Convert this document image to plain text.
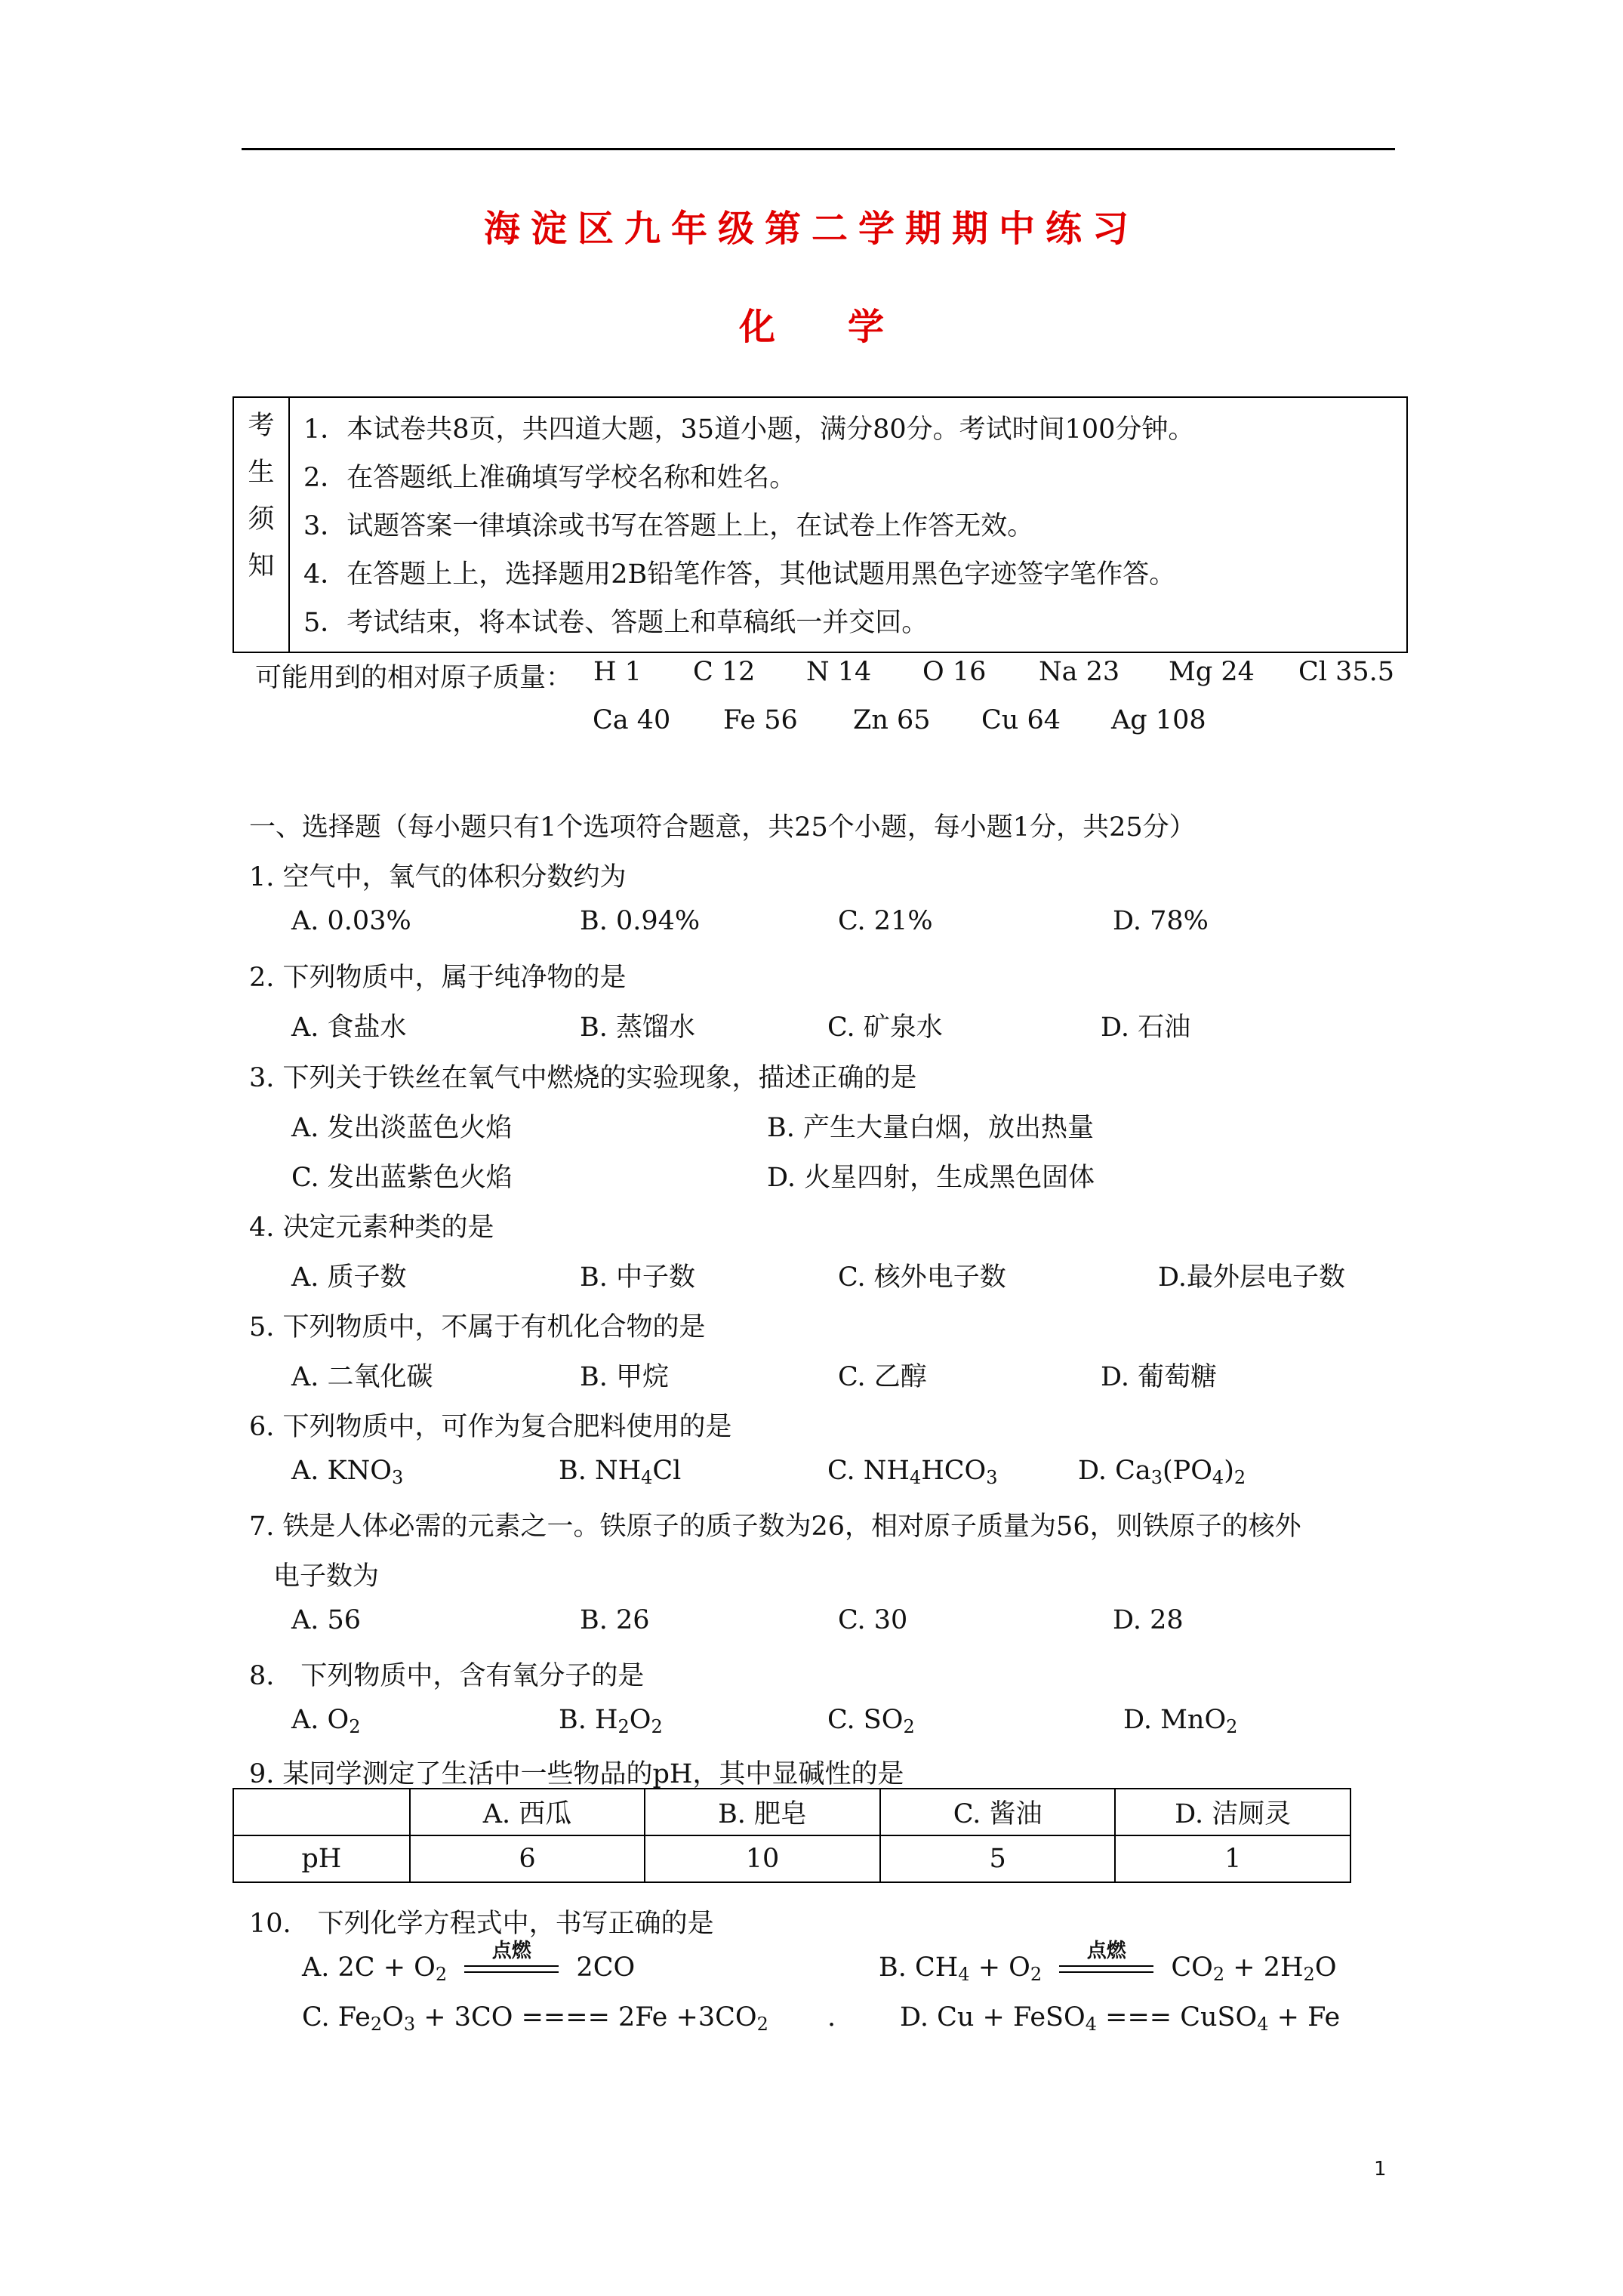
海淀区九年级第二学期期中练习
化　　学
考
生
须
知

1．本试卷共8页，共四道大题，35道小题，满分80分。考试时间100分钟。
2．在答题纸上准确填写学校名称和姓名。
3．试题答案一律填涂或书写在答题上上，在试卷上作答无效。
4．在答题上上，选择题用2B铅笔作答，其他试题用黑色字迹签字笔作答。
5．考试结束，将本试卷、答题上和草稿纸一并交回。
可能用到的相对原子质量： H 1 C 12 N 14 O 16 Na 23 Mg 24 Cl 35.5
Ca 40 Fe 56 Zn 65 Cu 64 Ag 108
一、选择题（每小题只有1个选项符合题意，共25个小题，每小题1分，共25分）
1. 空气中，氧气的体积分数约为
A. 0.03%	B. 0.94%	C. 21%	D. 78%
2. 下列物质中，属于纯净物的是
A. 食盐水	B. 蒸馏水	C. 矿泉水	D. 石油
3. 下列关于铁丝在氧气中燃烧的实验现象，描述正确的是
A. 发出淡蓝色火焰	B. 产生大量白烟，放出热量
C. 发出蓝紫色火焰	D. 火星四射，生成黑色固体
4. 决定元素种类的是
A. 质子数	B. 中子数	C. 核外电子数	D.最外层电子数
5. 下列物质中，不属于有机化合物的是
A. 二氧化碳	B. 甲烷	C. 乙醇	D. 葡萄糖
6. 下列物质中，可作为复合肥料使用的是
A. $KNO_3$	B. $NH_4Cl$	C. $NH_4HCO_3$	D. $Ca_3(PO_4)_2$
7. 铁是人体必需的元素之一。铁原子的质子数为26，相对原子质量为56，则铁原子的核外
电子数为
A. 56	B. 26	C. 30	D. 28
8.　下列物质中，含有氧分子的是
A. $O_2$	B. $H_2O_2$	C. $SO_2$	D. MnO$_2$
9. 某同学测定了生活中一些物品的pH，其中显碱性的是
	A. 西瓜	B. 肥皂	C. 酱油	D. 洁厕灵
pH	6	10	5	1
10.　下列化学方程式中，书写正确的是
A. $2C + O_2$
点燃
2CO	B. $CH_4 + O_2$
点燃
$CO_2 + 2H_2O$
C. $Fe_2O_3 + 3CO$ ==== $2Fe +3CO_2$ . D. Cu + FeSO$_4$ === CuSO$_4$ + Fe
1
